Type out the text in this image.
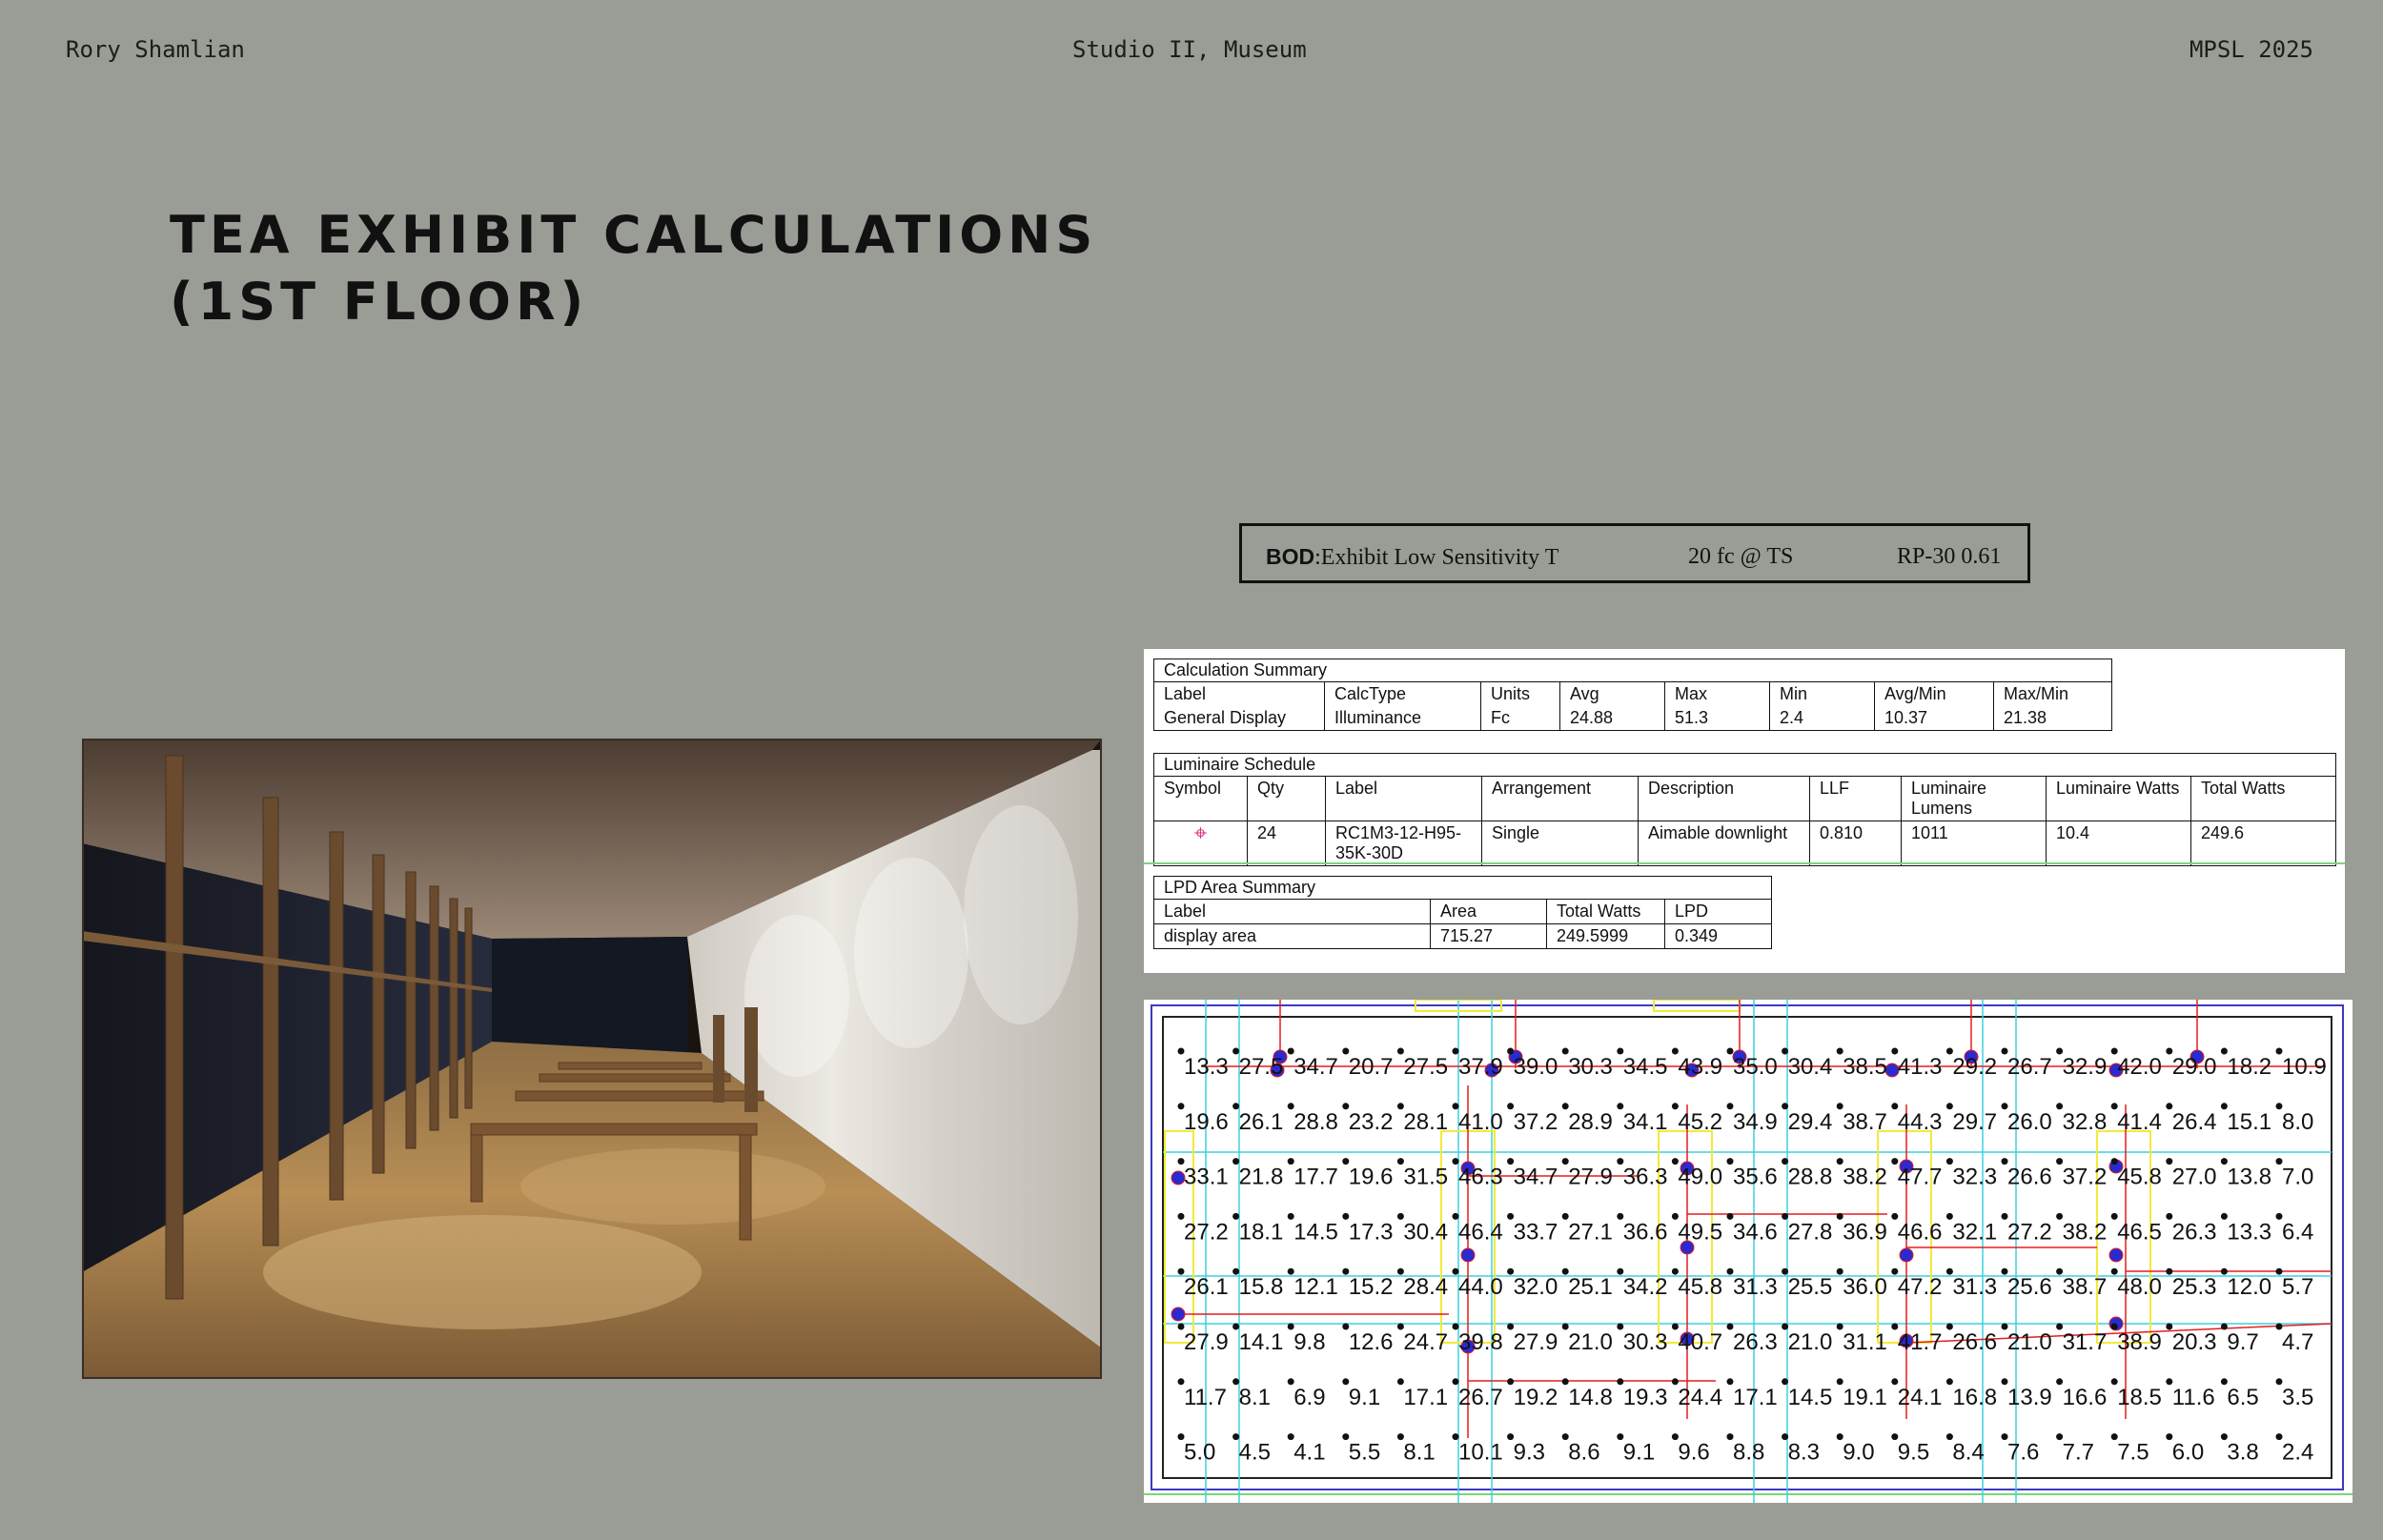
Rory Shamlian	Studio II, Museum	MPSL 2025
TEA EXHIBIT CALCULATIONS
(1ST FLOOR)
BOD:Exhibit Low Sensitivity T	20 fc @ TS	RP-30 0.61
Calculation Summary							
Label	CalcType	Units	Avg	Max	Min	Avg/Min	Max/Min
General Display	Illuminance	Fc	24.88	51.3	2.4	10.37	21.38
Luminaire Schedule								
Symbol	Qty	Label	Arrangement	Description	LLF	Luminaire Lumens	Luminaire Watts	Total Watts
⌖	24	RC1M3-12-H95-35K-30D	Single	Aimable downlight	0.810	1011	10.4	249.6
LPD Area Summary			
Label	Area	Total Watts	LPD
display area	715.27	249.5999	0.349
13.3 27.5 34.7 20.7 27.5 37.9 39.0 30.3 34.5 43.9 35.0 30.4 38.5 41.3 29.2 26.7 32.9 42.0 29.0 18.2 10.9
19.6 26.1 28.8 23.2 28.1 41.0 37.2 28.9 34.1 45.2 34.9 29.4 38.7 44.3 29.7 26.0 32.8 41.4 26.4 15.1 8.0
33.1 21.8 17.7 19.6 31.5 46.3 34.7 27.9 36.3 49.0 35.6 28.8 38.2 47.7 32.3 26.6 37.2 45.8 27.0 13.8 7.0
27.2 18.1 14.5 17.3 30.4 46.4 33.7 27.1 36.6 49.5 34.6 27.8 36.9 46.6 32.1 27.2 38.2 46.5 26.3 13.3 6.4
26.1 15.8 12.1 15.2 28.4 44.0 32.0 25.1 34.2 45.8 31.3 25.5 36.0 47.2 31.3 25.6 38.7 48.0 25.3 12.0 5.7
27.9 14.1 9.8 12.6 24.7 39.8 27.9 21.0 30.3 40.7 26.3 21.0 31.1 41.7 26.6 21.0 31.7 38.9 20.3 9.7 4.7
11.7 8.1 6.9 9.1 17.1 26.7 19.2 14.8 19.3 24.4 17.1 14.5 19.1 24.1 16.8 13.9 16.6 18.5 11.6 6.5 3.5
5.0 4.5 4.1 5.5 8.1 10.1 9.3 8.6 9.1 9.6 8.8 8.3 9.0 9.5 8.4 7.6 7.7 7.5 6.0 3.8 2.4
